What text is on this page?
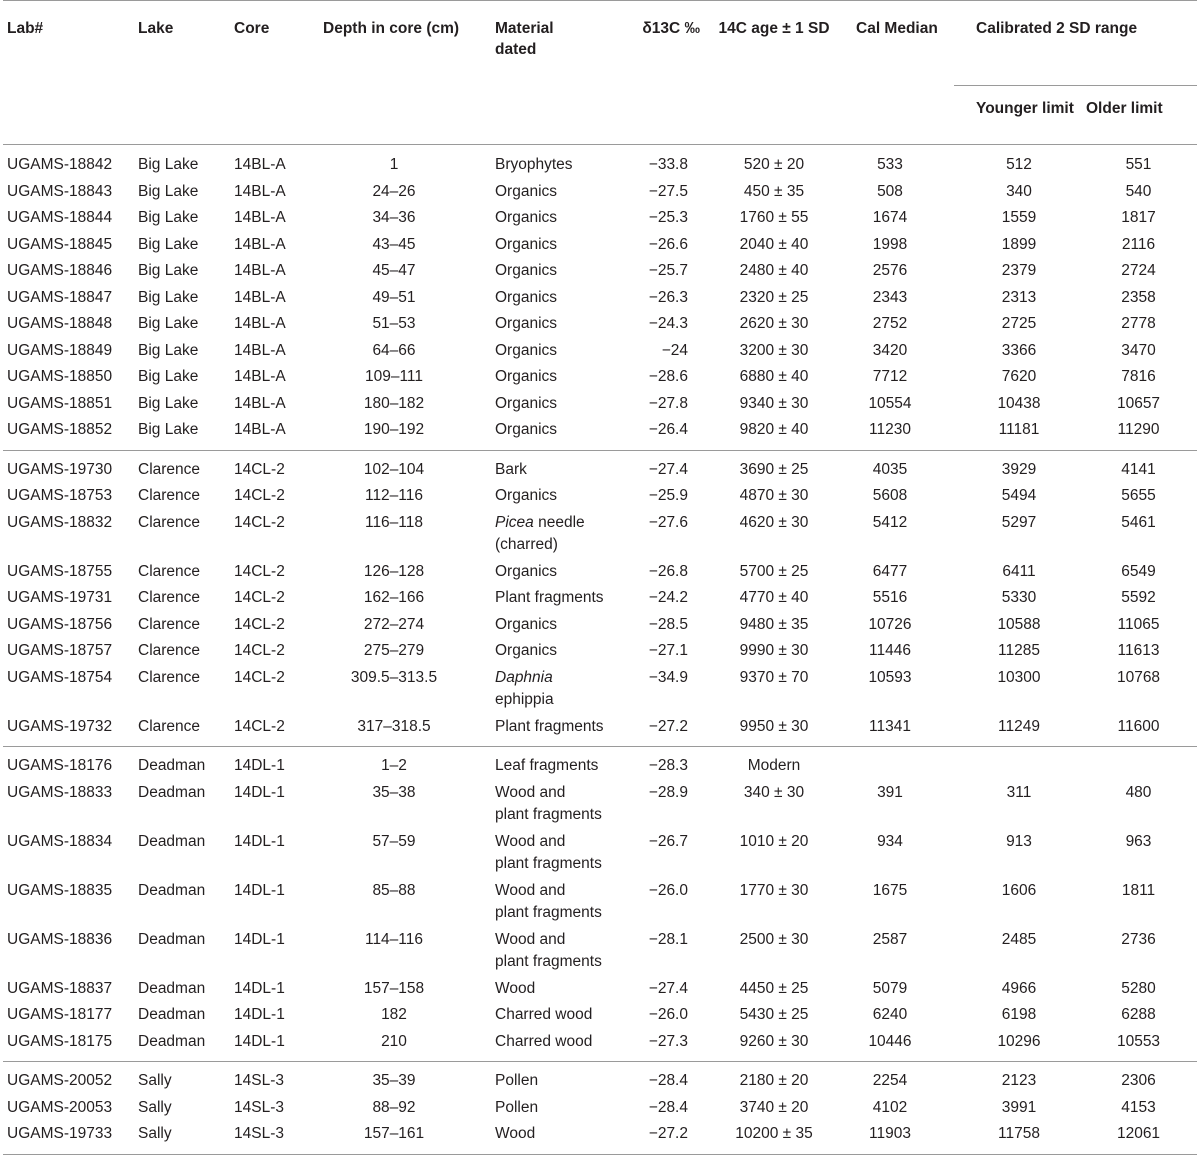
Lab#	Lake	Core	Depth in core (cm)	Material
dated	δ13C ‰	14C age ± 1 SD	Cal Median	Calibrated 2 SD range	
								Younger limit	Older limit
UGAMS-18842	Big Lake	14BL-A	1	Bryophytes	−33.8	520 ± 20	533	512	551
UGAMS-18843	Big Lake	14BL-A	24–26	Organics	−27.5	450 ± 35	508	340	540
UGAMS-18844	Big Lake	14BL-A	34–36	Organics	−25.3	1760 ± 55	1674	1559	1817
UGAMS-18845	Big Lake	14BL-A	43–45	Organics	−26.6	2040 ± 40	1998	1899	2116
UGAMS-18846	Big Lake	14BL-A	45–47	Organics	−25.7	2480 ± 40	2576	2379	2724
UGAMS-18847	Big Lake	14BL-A	49–51	Organics	−26.3	2320 ± 25	2343	2313	2358
UGAMS-18848	Big Lake	14BL-A	51–53	Organics	−24.3	2620 ± 30	2752	2725	2778
UGAMS-18849	Big Lake	14BL-A	64–66	Organics	−24	3200 ± 30	3420	3366	3470
UGAMS-18850	Big Lake	14BL-A	109–111	Organics	−28.6	6880 ± 40	7712	7620	7816
UGAMS-18851	Big Lake	14BL-A	180–182	Organics	−27.8	9340 ± 30	10554	10438	10657
UGAMS-18852	Big Lake	14BL-A	190–192	Organics	−26.4	9820 ± 40	11230	11181	11290
UGAMS-19730	Clarence	14CL-2	102–104	Bark	−27.4	3690 ± 25	4035	3929	4141
UGAMS-18753	Clarence	14CL-2	112–116	Organics	−25.9	4870 ± 30	5608	5494	5655
UGAMS-18832	Clarence	14CL-2	116–118	Picea needle
(charred)	−27.6	4620 ± 30	5412	5297	5461
UGAMS-18755	Clarence	14CL-2	126–128	Organics	−26.8	5700 ± 25	6477	6411	6549
UGAMS-19731	Clarence	14CL-2	162–166	Plant fragments	−24.2	4770 ± 40	5516	5330	5592
UGAMS-18756	Clarence	14CL-2	272–274	Organics	−28.5	9480 ± 35	10726	10588	11065
UGAMS-18757	Clarence	14CL-2	275–279	Organics	−27.1	9990 ± 30	11446	11285	11613
UGAMS-18754	Clarence	14CL-2	309.5–313.5	Daphnia
ephippia	−34.9	9370 ± 70	10593	10300	10768
UGAMS-19732	Clarence	14CL-2	317–318.5	Plant fragments	−27.2	9950 ± 30	11341	11249	11600
UGAMS-18176	Deadman	14DL-1	1–2	Leaf fragments	−28.3	Modern			
UGAMS-18833	Deadman	14DL-1	35–38	Wood and
plant fragments	−28.9	340 ± 30	391	311	480
UGAMS-18834	Deadman	14DL-1	57–59	Wood and
plant fragments	−26.7	1010 ± 20	934	913	963
UGAMS-18835	Deadman	14DL-1	85–88	Wood and
plant fragments	−26.0	1770 ± 30	1675	1606	1811
UGAMS-18836	Deadman	14DL-1	114–116	Wood and
plant fragments	−28.1	2500 ± 30	2587	2485	2736
UGAMS-18837	Deadman	14DL-1	157–158	Wood	−27.4	4450 ± 25	5079	4966	5280
UGAMS-18177	Deadman	14DL-1	182	Charred wood	−26.0	5430 ± 25	6240	6198	6288
UGAMS-18175	Deadman	14DL-1	210	Charred wood	−27.3	9260 ± 30	10446	10296	10553
UGAMS-20052	Sally	14SL-3	35–39	Pollen	−28.4	2180 ± 20	2254	2123	2306
UGAMS-20053	Sally	14SL-3	88–92	Pollen	−28.4	3740 ± 20	4102	3991	4153
UGAMS-19733	Sally	14SL-3	157–161	Wood	−27.2	10200 ± 35	11903	11758	12061
